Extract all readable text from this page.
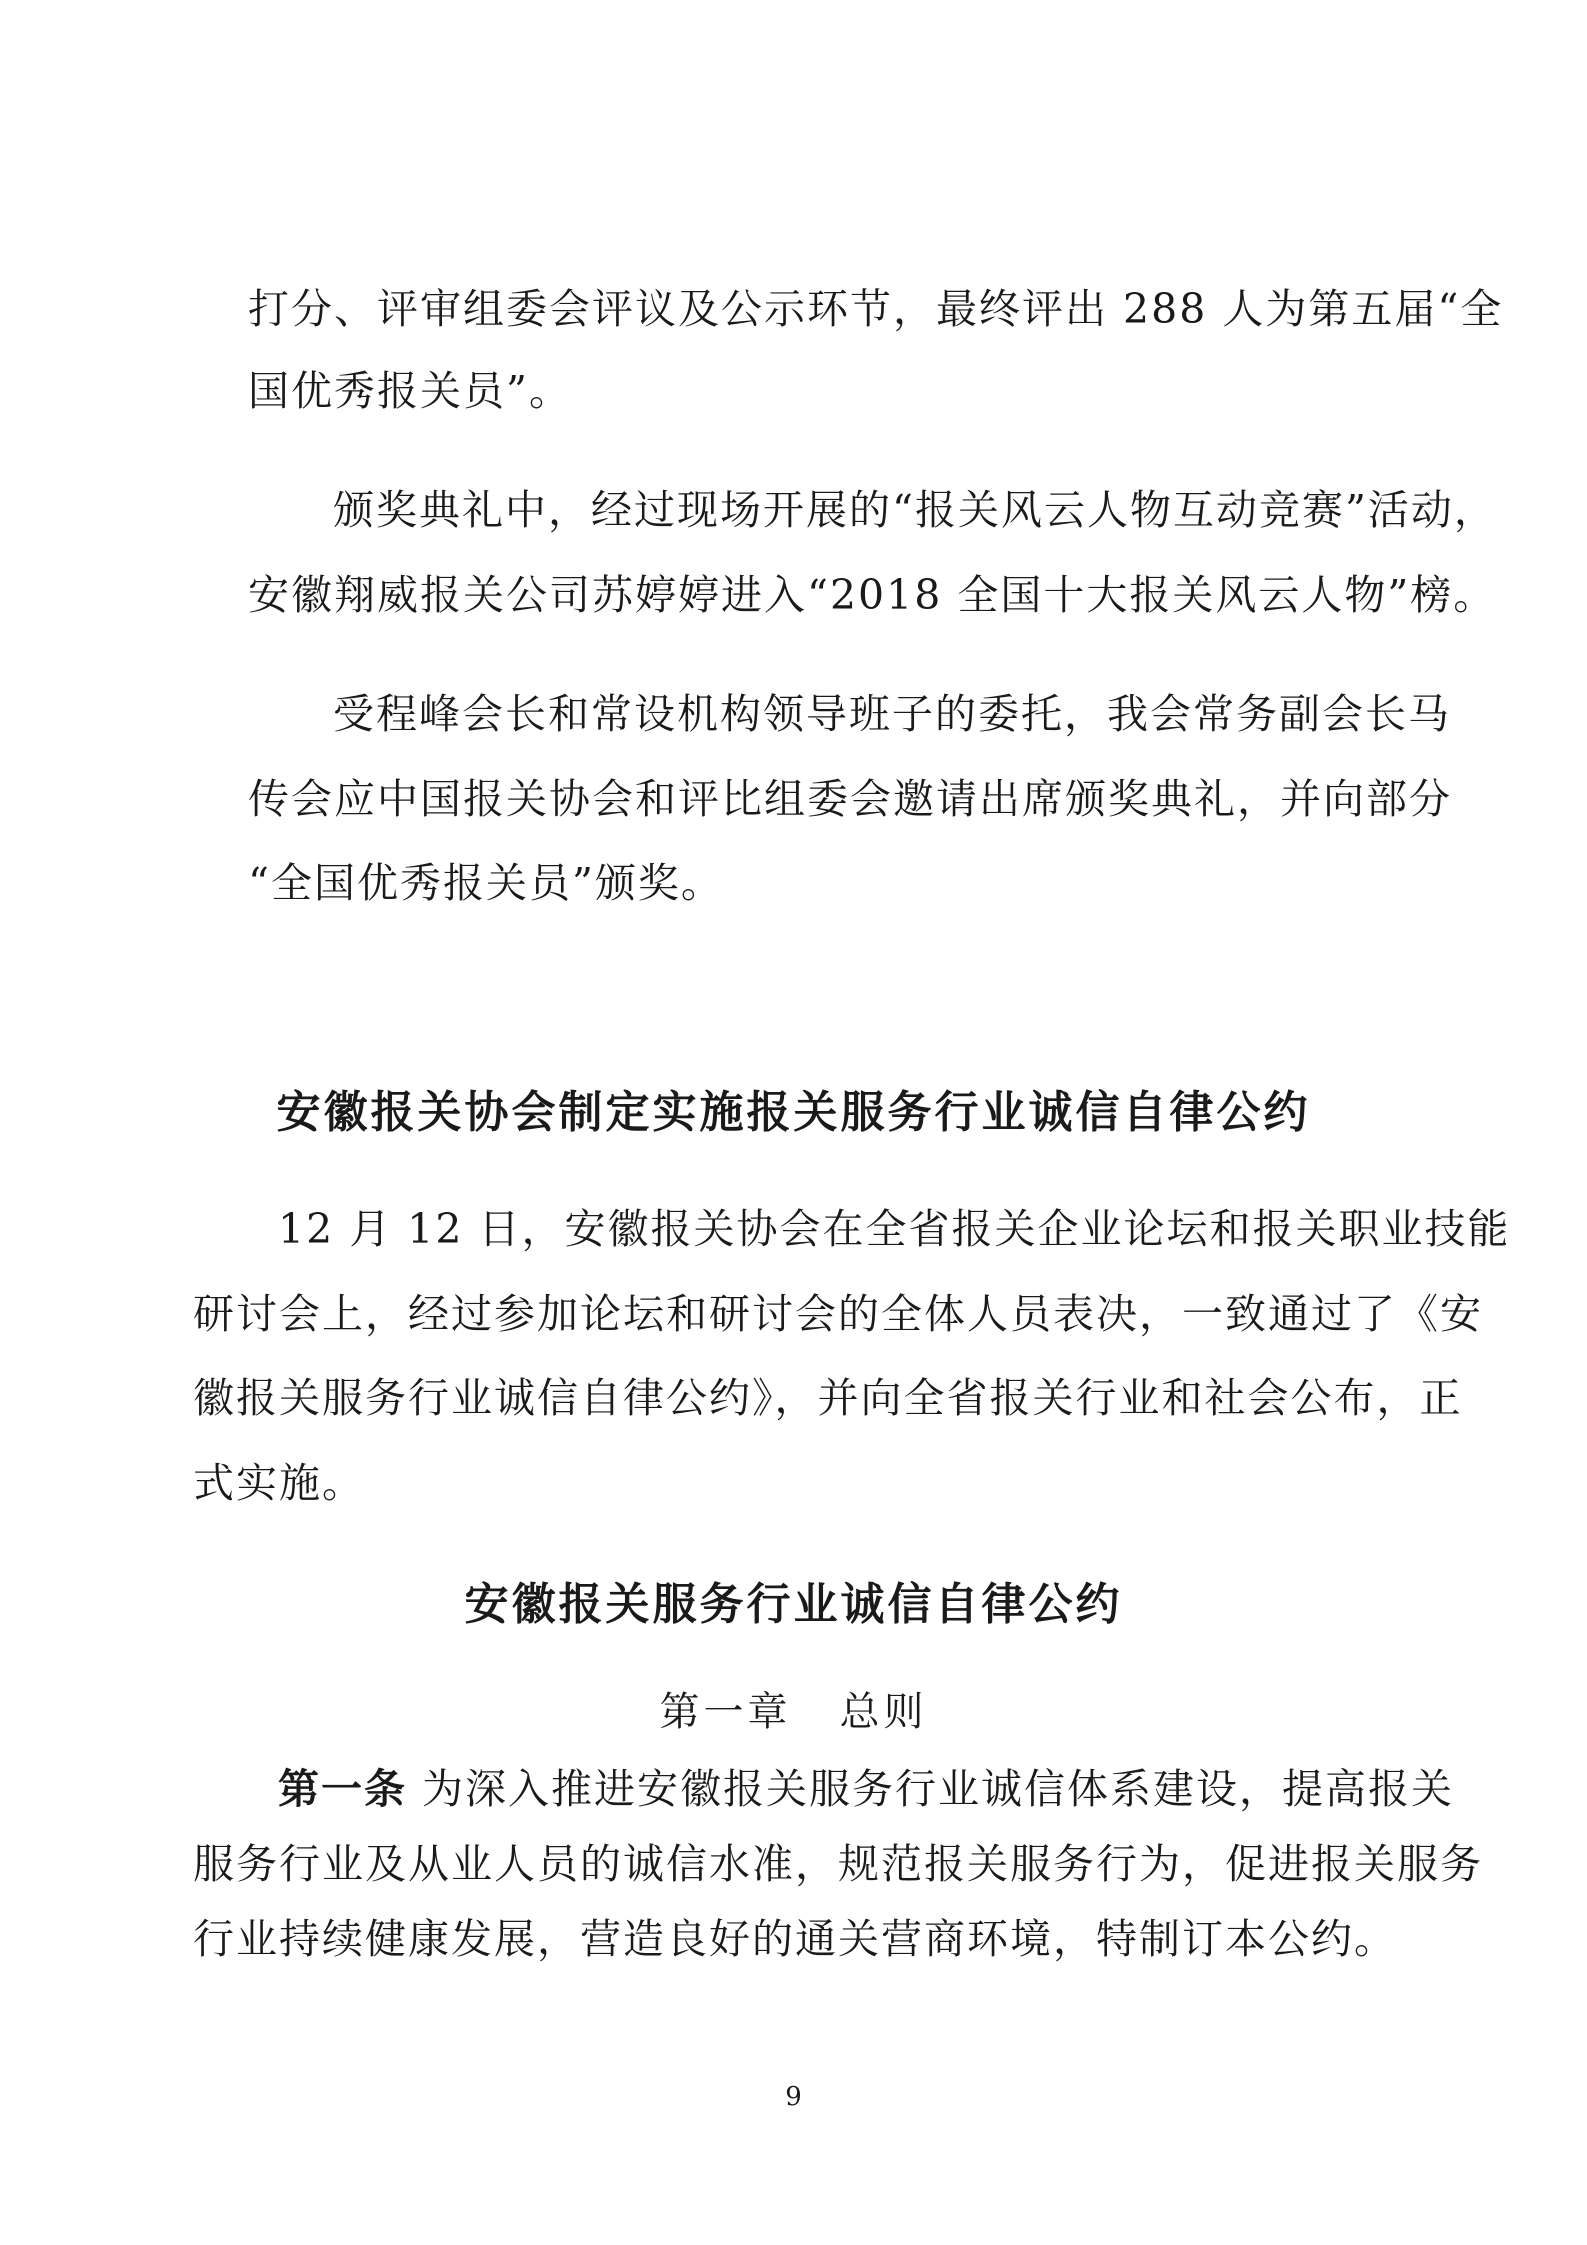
打分、评审组委会评议及公示环节，最终评出 288 人为第五届“全
国优秀报关员”。
颁奖典礼中，经过现场开展的“报关风云人物互动竞赛”活动，
安徽翔威报关公司苏婷婷进入“2018 全国十大报关风云人物”榜。
受程峰会长和常设机构领导班子的委托，我会常务副会长马
传会应中国报关协会和评比组委会邀请出席颁奖典礼，并向部分
“全国优秀报关员”颁奖。
安徽报关协会制定实施报关服务行业诚信自律公约
12 月 12 日，安徽报关协会在全省报关企业论坛和报关职业技能
研讨会上，经过参加论坛和研讨会的全体人员表决，一致通过了《安
徽报关服务行业诚信自律公约》，并向全省报关行业和社会公布，正
式实施。
安徽报关服务行业诚信自律公约
第一章 总则
第一条 为深入推进安徽报关服务行业诚信体系建设，提高报关
服务行业及从业人员的诚信水准，规范报关服务行为，促进报关服务
行业持续健康发展，营造良好的通关营商环境，特制订本公约。
9
